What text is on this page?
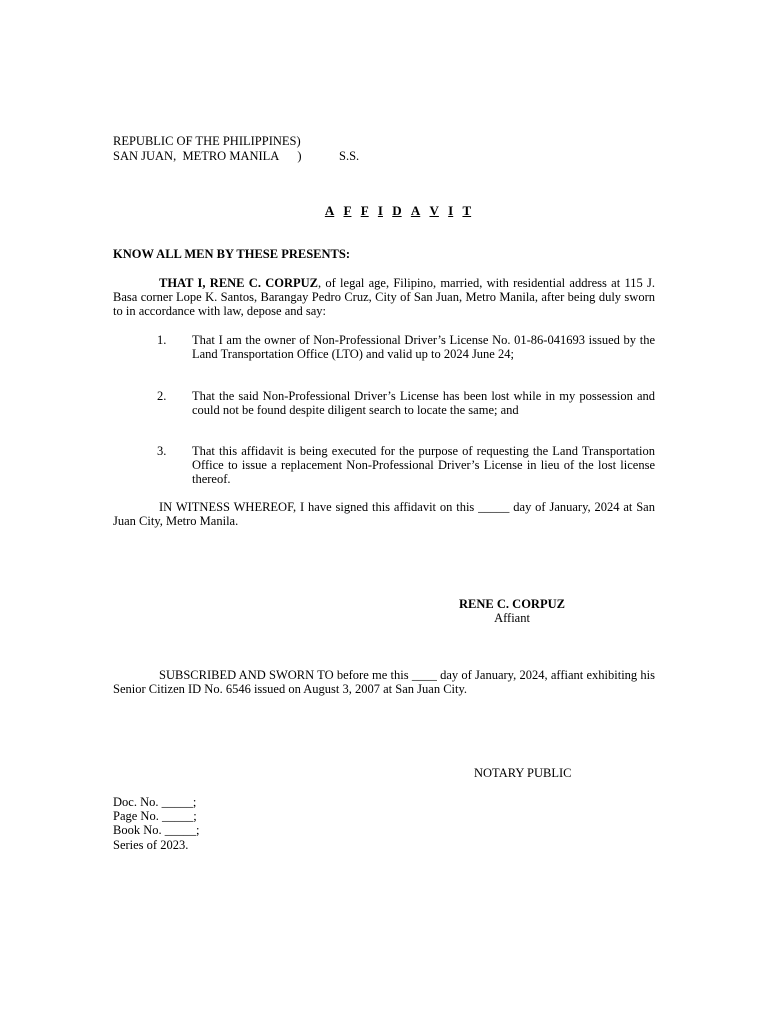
REPUBLIC OF THE PHILIPPINES)
SAN JUAN,  METRO MANILA      )	S.S.
A F F I D A V I T
KNOW ALL MEN BY THESE PRESENTS:
THAT I, RENE C. CORPUZ, of legal age, Filipino, married, with residential address at 115 J. Basa corner Lope K. Santos, Barangay Pedro Cruz, City of San Juan, Metro Manila, after being duly sworn to in accordance with law, depose and say:
1. That I am the owner of Non-Professional Driver’s License No. 01-86-041693 issued by the Land Transportation Office (LTO) and valid up to 2024 June 24;
2. That the said Non-Professional Driver’s License has been lost while in my possession and could not be found despite diligent search to locate the same; and
3. That this affidavit is being executed for the purpose of requesting the Land Transportation Office to issue a replacement Non-Professional Driver’s License in lieu of the lost license thereof.
IN WITNESS WHEREOF, I have signed this affidavit on this _____ day of January, 2024 at San Juan City, Metro Manila.
RENE C. CORPUZ
Affiant
SUBSCRIBED AND SWORN TO before me this ____ day of January, 2024, affiant exhibiting his Senior Citizen ID No. 6546 issued on August 3, 2007 at San Juan City.
NOTARY PUBLIC
Doc. No. _____;
Page No. _____;
Book No. _____;
Series of 2023.
